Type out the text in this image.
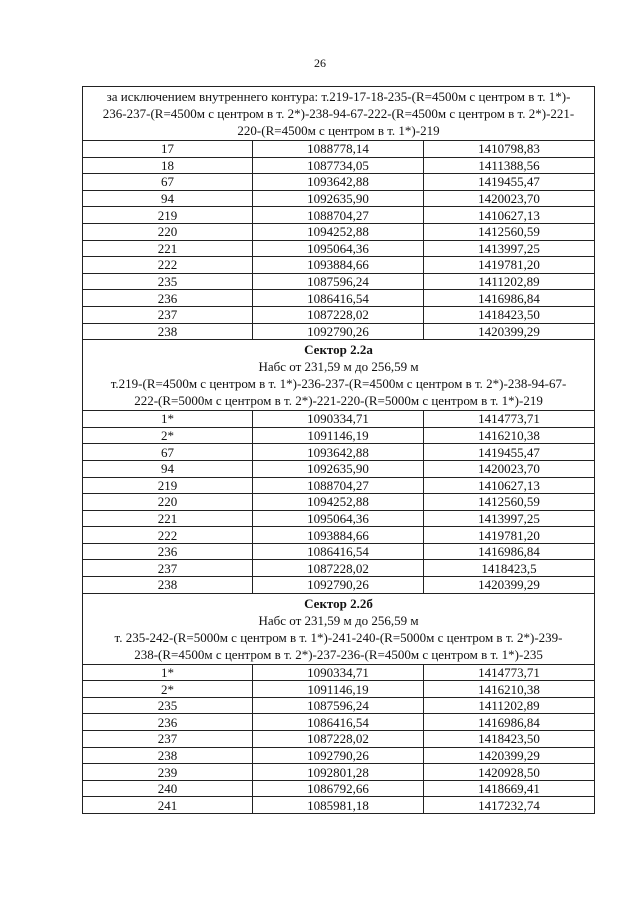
26
за исключением внутреннего контура: т.219-17-18-235-(R=4500м с центром в т. 1*)-
236-237-(R=4500м с центром в т. 2*)-238-94-67-222-(R=4500м с центром в т. 2*)-221-
220-(R=4500м с центром в т. 1*)-219		

17	1088778,14	1410798,83
18	1087734,05	1411388,56
67	1093642,88	1419455,47
94	1092635,90	1420023,70
219	1088704,27	1410627,13
220	1094252,88	1412560,59
221	1095064,36	1413997,25
222	1093884,66	1419781,20
235	1087596,24	1411202,89
236	1086416,54	1416986,84
237	1087228,02	1418423,50
238	1092790,26	1420399,29

Сектор 2.2а
Набс от 231,59 м до 256,59 м
т.219-(R=4500м с центром в т. 1*)-236-237-(R=4500м с центром в т. 2*)-238-94-67-
222-(R=5000м с центром в т. 2*)-221-220-(R=5000м с центром в т. 1*)-219		

1*	1090334,71	1414773,71
2*	1091146,19	1416210,38
67	1093642,88	1419455,47
94	1092635,90	1420023,70
219	1088704,27	1410627,13
220	1094252,88	1412560,59
221	1095064,36	1413997,25
222	1093884,66	1419781,20
236	1086416,54	1416986,84
237	1087228,02	1418423,5
238	1092790,26	1420399,29

Сектор 2.2б
Набс от 231,59 м до 256,59 м
т. 235-242-(R=5000м с центром в т. 1*)-241-240-(R=5000м с центром в т. 2*)-239-
238-(R=4500м с центром в т. 2*)-237-236-(R=4500м с центром в т. 1*)-235		

1*	1090334,71	1414773,71
2*	1091146,19	1416210,38
235	1087596,24	1411202,89
236	1086416,54	1416986,84
237	1087228,02	1418423,50
238	1092790,26	1420399,29
239	1092801,28	1420928,50
240	1086792,66	1418669,41
241	1085981,18	1417232,74
